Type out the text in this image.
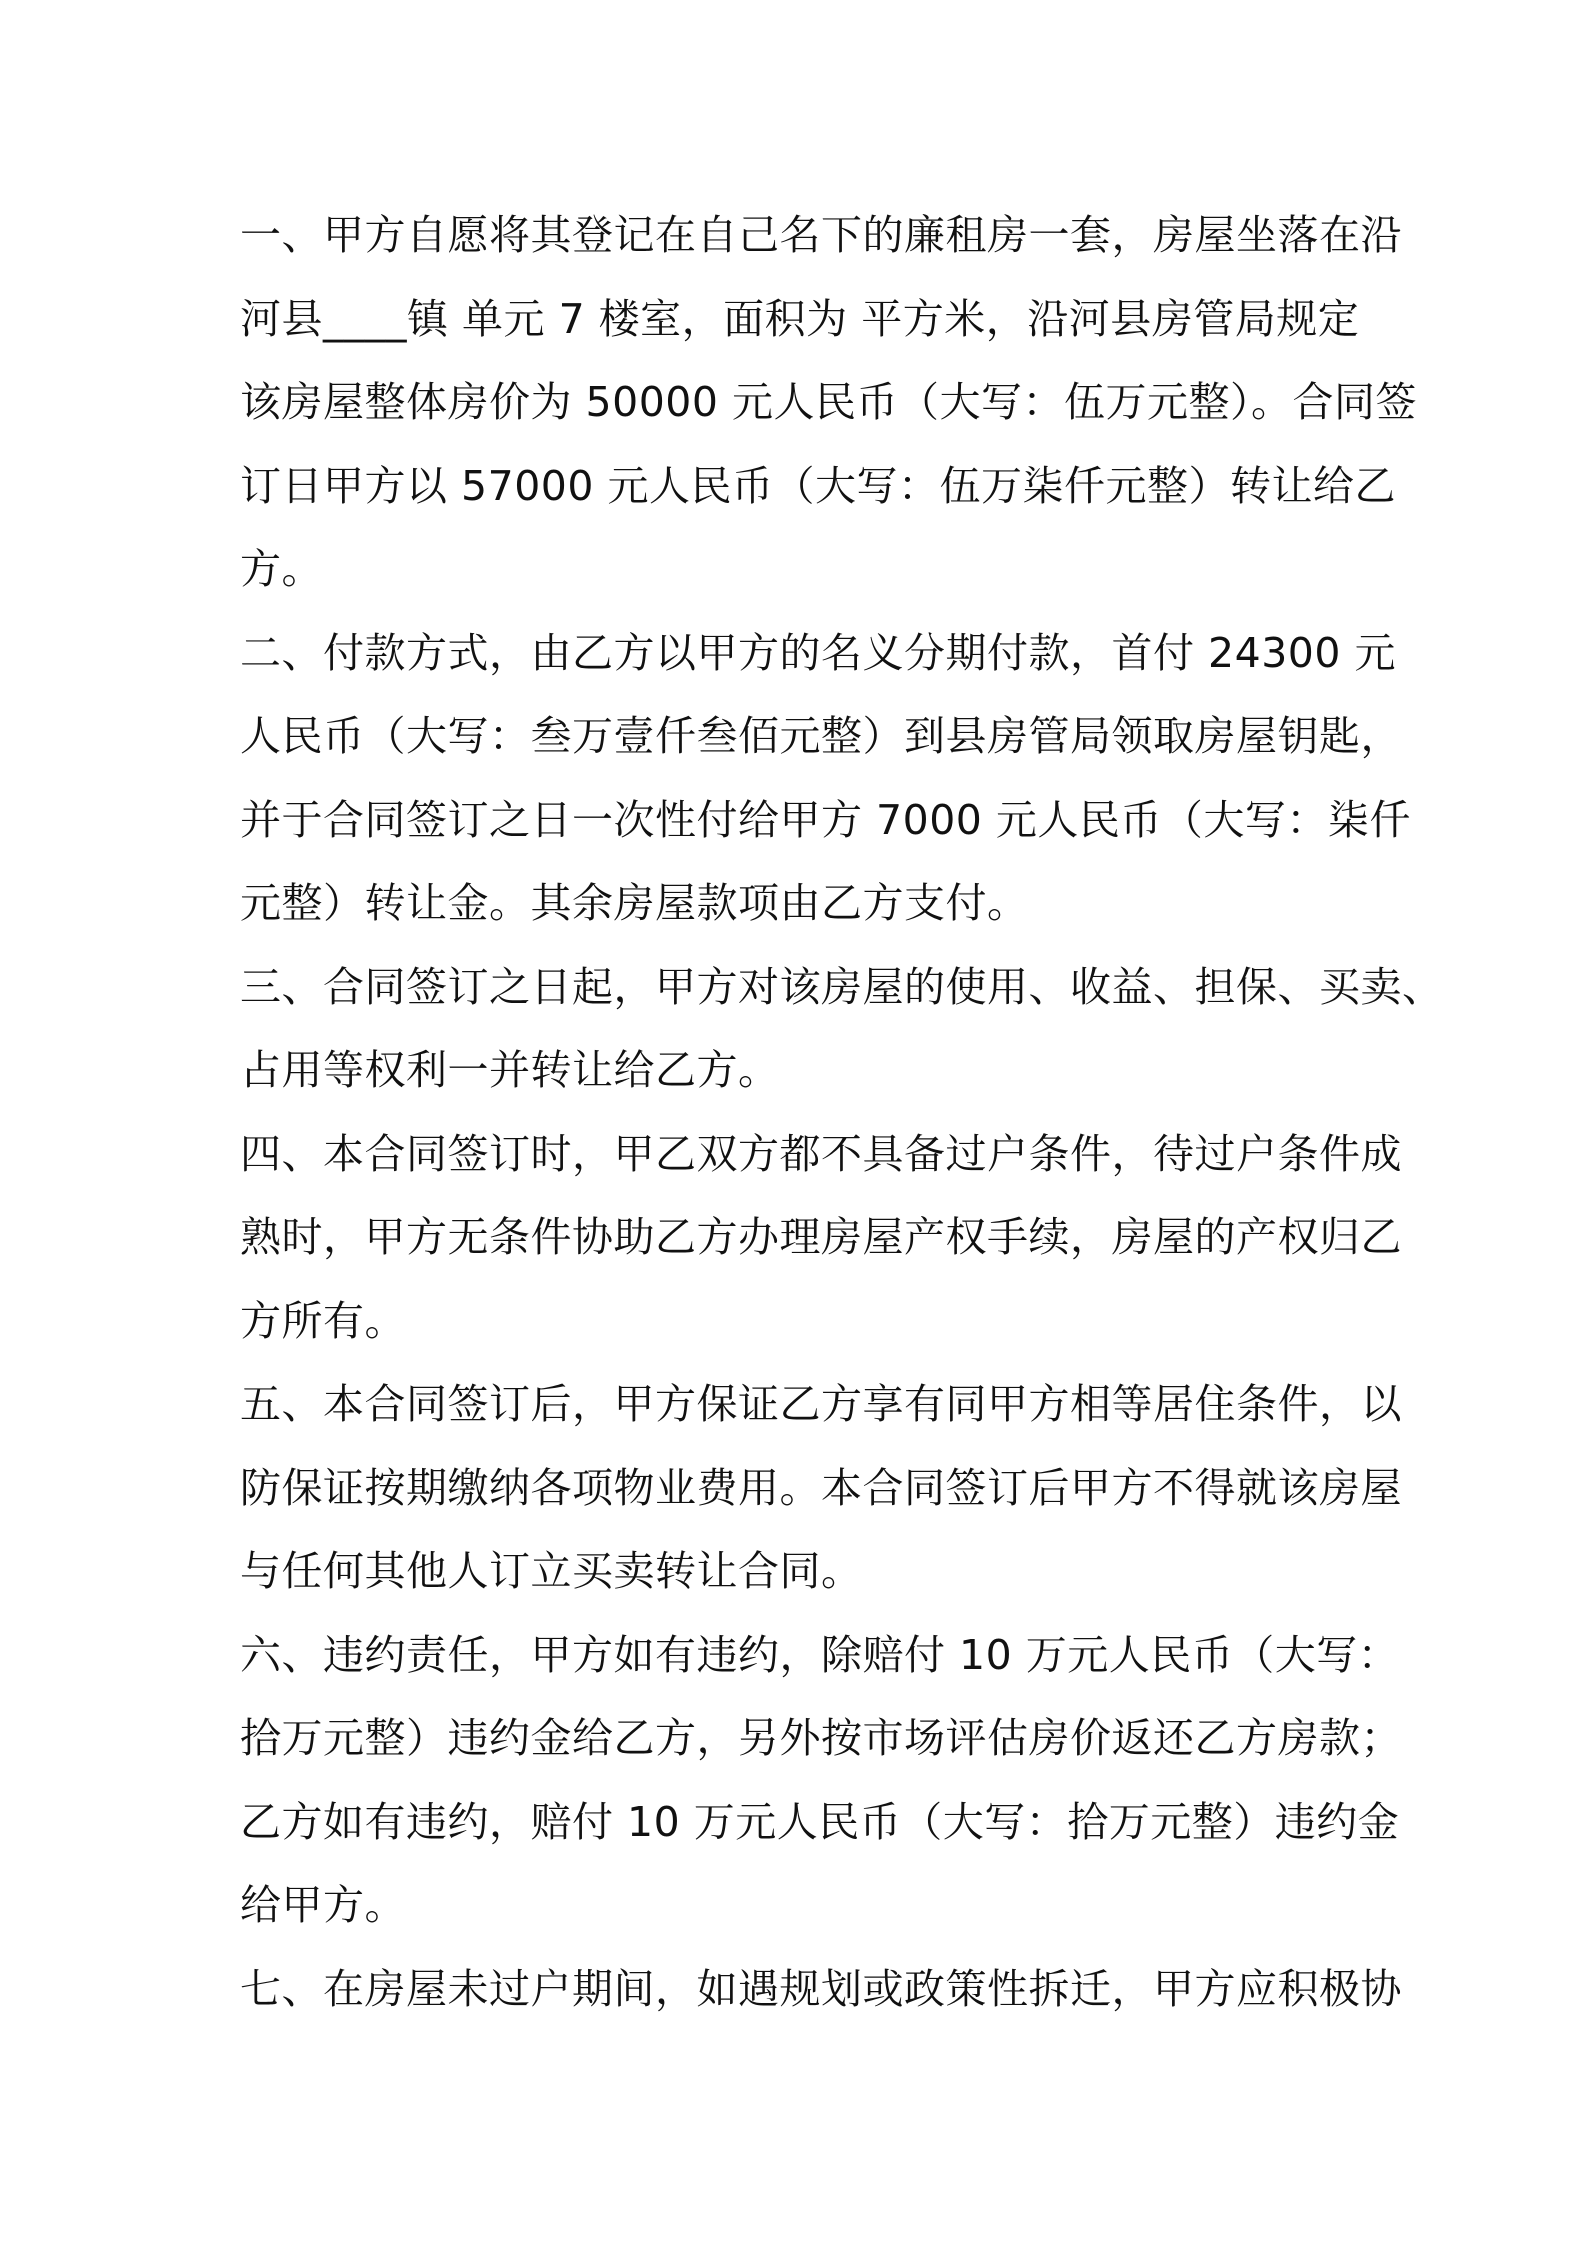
一、甲方自愿将其登记在自己名下的廉租房一套，房屋坐落在沿
河县____镇 单元 7 楼室，面积为 平方米，沿河县房管局规定
该房屋整体房价为 50000 元人民币（大写：伍万元整）。合同签
订日甲方以 57000 元人民币（大写：伍万柒仟元整）转让给乙
方。
二、付款方式，由乙方以甲方的名义分期付款，首付 24300 元
人民币（大写：叁万壹仟叁佰元整）到县房管局领取房屋钥匙，
并于合同签订之日一次性付给甲方 7000 元人民币（大写：柒仟
元整）转让金。其余房屋款项由乙方支付。
三、合同签订之日起，甲方对该房屋的使用、收益、担保、买卖、
占用等权利一并转让给乙方。
四、本合同签订时，甲乙双方都不具备过户条件，待过户条件成
熟时，甲方无条件协助乙方办理房屋产权手续，房屋的产权归乙
方所有。
五、本合同签订后，甲方保证乙方享有同甲方相等居住条件，以
防保证按期缴纳各项物业费用。本合同签订后甲方不得就该房屋
与任何其他人订立买卖转让合同。
六、违约责任，甲方如有违约，除赔付 10 万元人民币（大写：
拾万元整）违约金给乙方，另外按市场评估房价返还乙方房款；
乙方如有违约，赔付 10 万元人民币（大写：拾万元整）违约金
给甲方。
七、在房屋未过户期间，如遇规划或政策性拆迁，甲方应积极协
